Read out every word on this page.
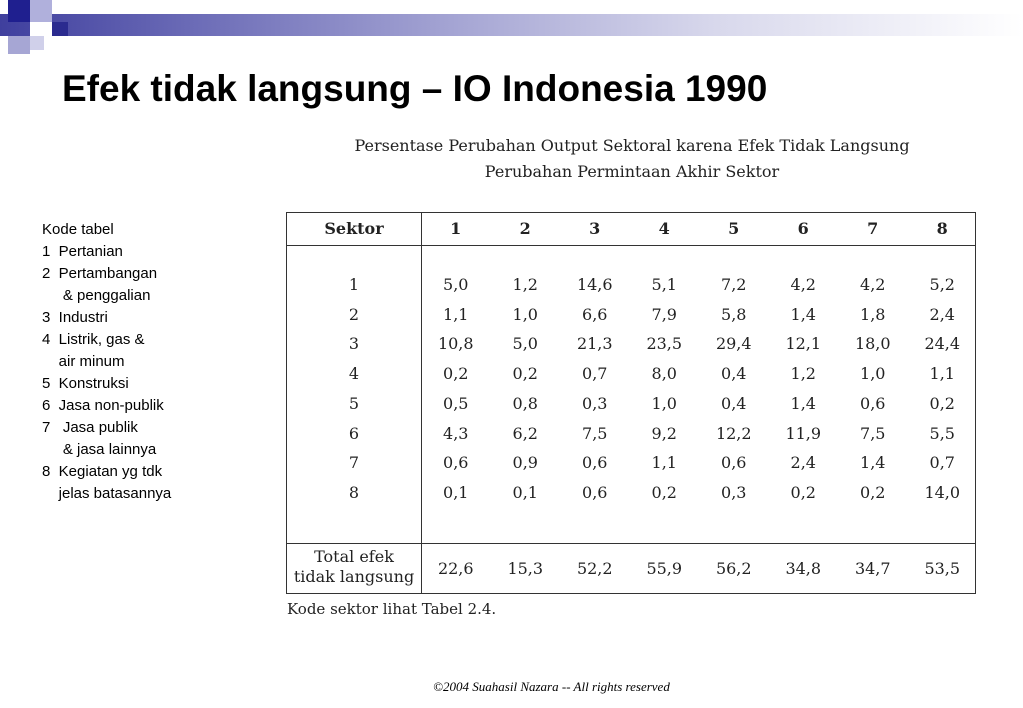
Efek tidak langsung – IO Indonesia 1990
Kode tabel
1  Pertanian
2  Pertambangan
& penggalian
3  Industri
4  Listrik, gas &
air minum
5  Konstruksi
6  Jasa non-publik
7   Jasa publik
& jasa lainnya
8  Kegiatan yg tdk
jelas batasannya
Persentase Perubahan Output Sektoral karena Efek Tidak Langsung
Perubahan Permintaan Akhir Sektor
Sektor	1	2	3	4	5	6	7	8
1	5,0	1,2	14,6	5,1	7,2	4,2	4,2	5,2
2	1,1	1,0	6,6	7,9	5,8	1,4	1,8	2,4
3	10,8	5,0	21,3	23,5	29,4	12,1	18,0	24,4
4	0,2	0,2	0,7	8,0	0,4	1,2	1,0	1,1
5	0,5	0,8	0,3	1,0	0,4	1,4	0,6	0,2
6	4,3	6,2	7,5	9,2	12,2	11,9	7,5	5,5
7	0,6	0,9	0,6	1,1	0,6	2,4	1,4	0,7
8	0,1	0,1	0,6	0,2	0,3	0,2	0,2	14,0
Total efek
tidak langsung	22,6	15,3	52,2	55,9	56,2	34,8	34,7	53,5
Kode sektor lihat Tabel 2.4.
©2004 Suahasil Nazara -- All rights reserved
